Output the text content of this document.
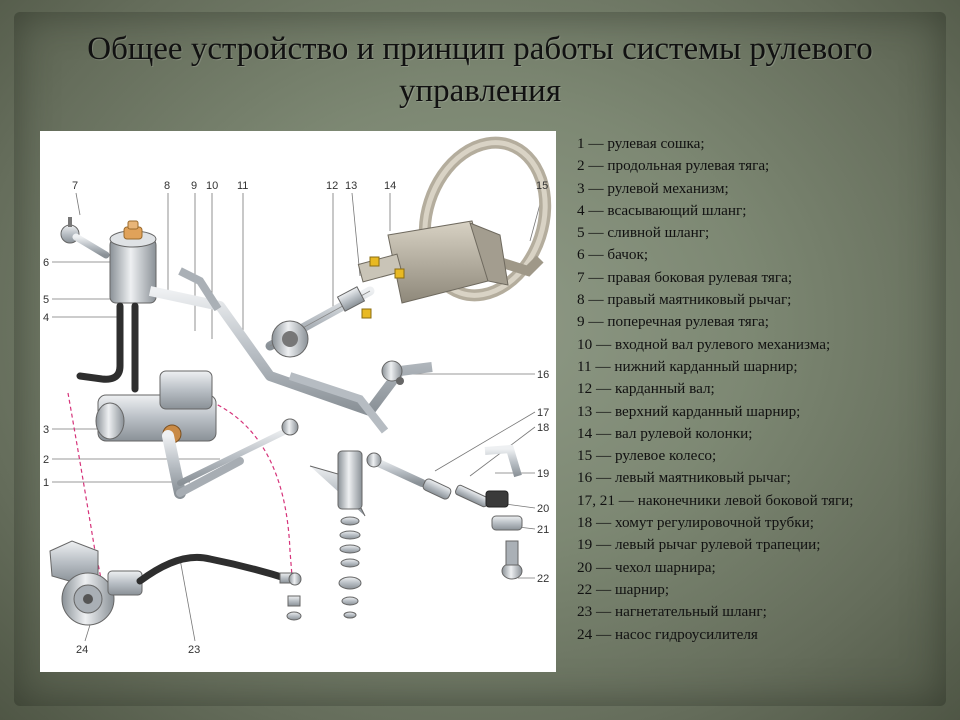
Общее устройство и принцип работы системы рулевого управления
7	8 9 10 11	12 13 14	15
6
5
4
3
2
1
16
17
18
19
20
21
22
24	23
1 — рулевая сошка;
2 — продольная рулевая тяга;
3 — рулевой механизм;
4 — всасывающий шланг;
5 — сливной шланг;
6 — бачок;
7 — правая боковая рулевая тяга;
8 — правый маятниковый рычаг;
9 — поперечная рулевая тяга;
10 — входной вал рулевого механизма;
11 — нижний карданный шарнир;
12 — карданный вал;
13 — верхний карданный шарнир;
14 — вал рулевой колонки;
15 — рулевое колесо;
16 — левый маятниковый рычаг;
17, 21 — наконечники левой боковой тяги;
18 — хомут регулировочной трубки;
19 — левый рычаг рулевой трапеции;
20 — чехол шарнира;
22 — шарнир;
23 — нагнетательный шланг;
24 — насос гидроусилителя
